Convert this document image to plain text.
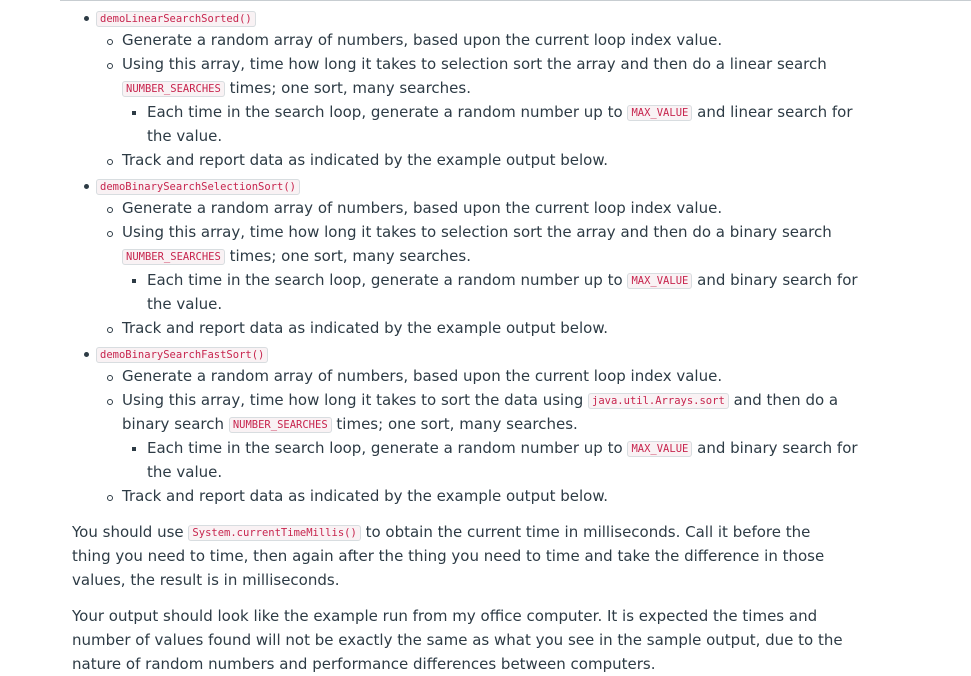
demoLinearSearchSorted()
Generate a random array of numbers, based upon the current loop index value.
Using this array, time how long it takes to selection sort the array and then do a linear search
NUMBER_SEARCHES times; one sort, many searches.
Each time in the search loop, generate a random number up to MAX_VALUE and linear search for
the value.
Track and report data as indicated by the example output below.
demoBinarySearchSelectionSort()
Generate a random array of numbers, based upon the current loop index value.
Using this array, time how long it takes to selection sort the array and then do a binary search
NUMBER_SEARCHES times; one sort, many searches.
Each time in the search loop, generate a random number up to MAX_VALUE and binary search for
the value.
Track and report data as indicated by the example output below.
demoBinarySearchFastSort()
Generate a random array of numbers, based upon the current loop index value.
Using this array, time how long it takes to sort the data using java.util.Arrays.sort and then do a
binary search NUMBER_SEARCHES times; one sort, many searches.
Each time in the search loop, generate a random number up to MAX_VALUE and binary search for
the value.
Track and report data as indicated by the example output below.
You should use System.currentTimeMillis() to obtain the current time in milliseconds. Call it before the
thing you need to time, then again after the thing you need to time and take the difference in those
values, the result is in milliseconds.
Your output should look like the example run from my office computer. It is expected the times and
number of values found will not be exactly the same as what you see in the sample output, due to the
nature of random numbers and performance differences between computers.
